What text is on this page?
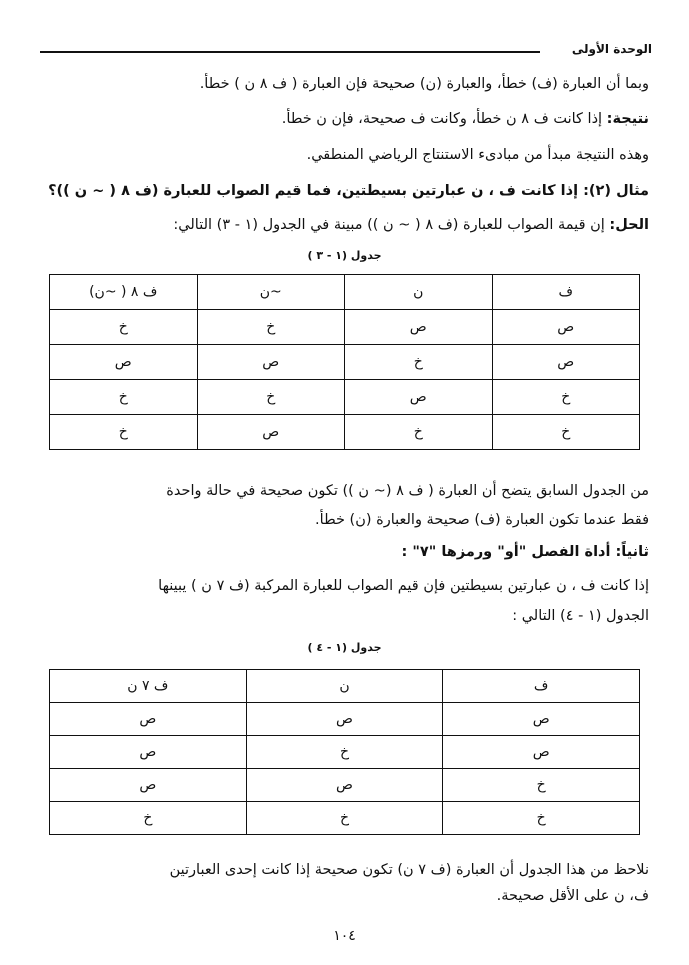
الوحدة الأولى
وبما أن العبارة (ف) خطأ، والعبارة (ن) صحيحة فإن العبارة ( ف ٨ ن ) خطأ.
نتيجة: إذا كانت ف ٨ ن خطأ، وكانت ف صحيحة، فإن ن خطأ.
وهذه النتيجة مبدأ من مبادىء الاستنتاج الرياضي المنطقي.
مثال (٢): إذا كانت ف ، ن عبارتين بسيطتين، فما قيم الصواب للعبارة (ف ٨ ( ~ ن ))؟
الحل: إن قيمة الصواب للعبارة (ف ٨ ( ~ ن )) مبينة في الجدول (١ - ٣) التالي:
جدول (١ - ٣ )
ف	ن	~ن	ف ٨ ( ~ن)
ص	ص	خ	خ
ص	خ	ص	ص
خ	ص	خ	خ
خ	خ	ص	خ
من الجدول السابق يتضح أن العبارة ( ف ٨ (~ ن )) تكون صحيحة في حالة واحدة
فقط عندما تكون العبارة (ف) صحيحة والعبارة (ن) خطأ.
ثانياً: أداة الفصل "أو" ورمزها "٧" :
إذا كانت ف ، ن عبارتين بسيطتين فإن قيم الصواب للعبارة المركبة (ف ٧ ن ) يبينها
الجدول (١ - ٤) التالي :
جدول (١ - ٤ )
ف	ن	ف ٧ ن
ص	ص	ص
ص	خ	ص
خ	ص	ص
خ	خ	خ
نلاحظ من هذا الجدول أن العبارة (ف ٧ ن) تكون صحيحة إذا كانت إحدى العبارتين
ف، ن على الأقل صحيحة.
١٠٤
